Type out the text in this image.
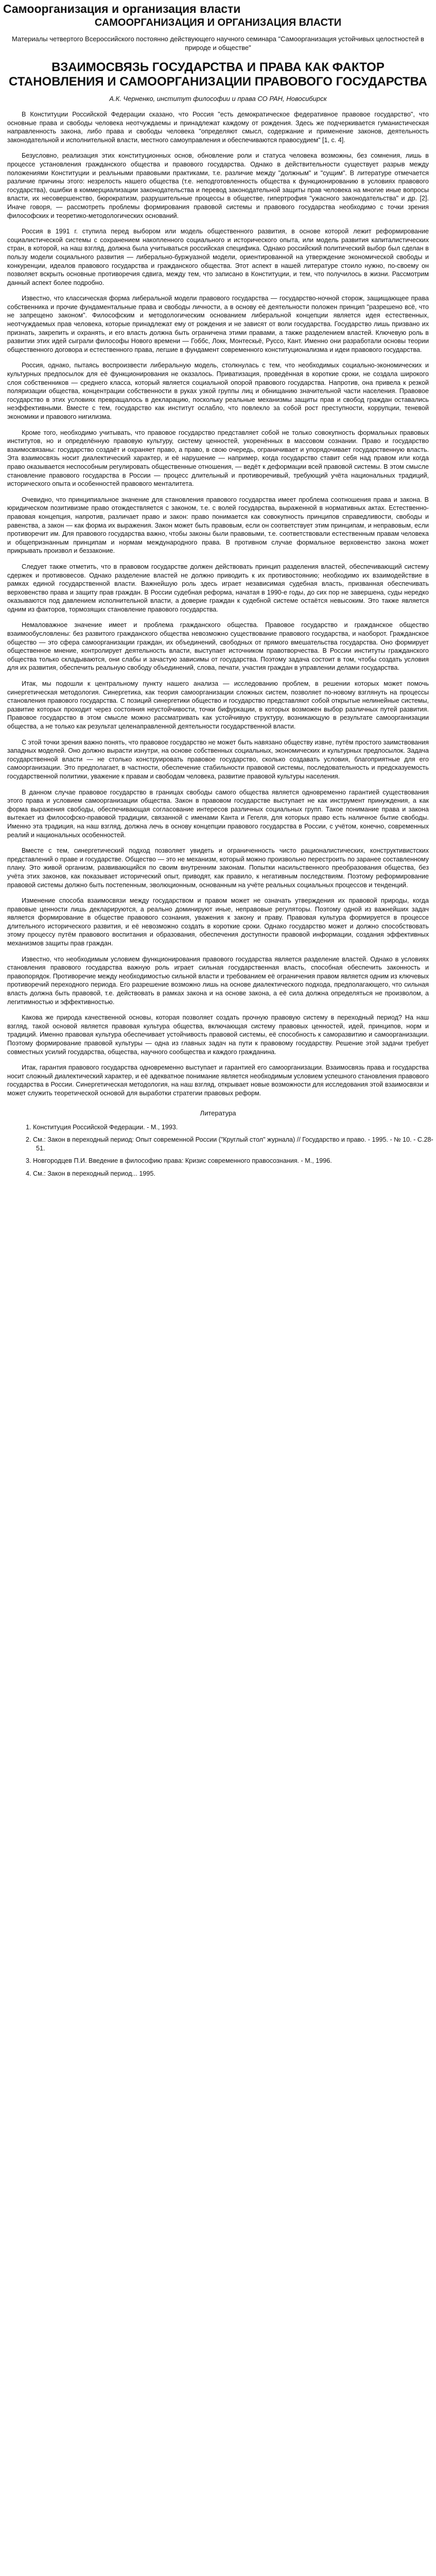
Самоорганизация и организация власти
САМООРГАНИЗАЦИЯ И ОРГАНИЗАЦИЯ ВЛАСТИ
Материалы четвертого Всероссийского постоянно действующего научного семинара "Самоорганизация устойчивых целостностей в природе и обществе"
ВЗАИМОСВЯЗЬ ГОСУДАРСТВА И ПРАВА КАК ФАКТОР СТАНОВЛЕНИЯ И САМООРГАНИЗАЦИИ ПРАВОВОГО ГОСУДАРСТВА
А.К. Черненко, институт философии и права СО РАН, Новосибирск

В Конституции Российской Федерации сказано, что Россия "есть демократическое федеративное правовое государство", что основные права и свободы человека неотчуждаемы и принадлежат каждому от рождения. Здесь же подчеркивается гуманистическая направленность закона, либо права и свободы человека "определяют смысл, содержание и применение законов, деятельность законодательной и исполнительной власти, местного самоуправления и обеспечиваются правосудием" [1, с. 4].

Безусловно, реализация этих конституционных основ, обновление роли и статуса человека возможны, без сомнения, лишь в процессе установления гражданского общества и правового государства. Однако в действительности существует разрыв между положениями Конституции и реальными правовыми практиками, т.е. различие между "должным" и "сущим". В литературе отмечается различие причины этого: незрелость нашего общества (т.е. неподготовленность общества к функционированию в условиях правового государства), ошибки в коммерциализации законодательства и перевод законодательной защиты прав человека на многие иные вопросы власти, их несовершенство, бюрократизм, разрушительные процессы в обществе, гипертрофия "ужасного законодательства" и др. [2]. Иначе говоря, — рассмотреть проблемы формирования правовой системы и правового государства необходимо с точки зрения философских и теоретико-методологических оснований.

Россия в 1991 г. ступила перед выбором или модель общественного развития, в основе которой лежит реформирование социалистической системы с сохранением накопленного социального и исторического опыта, или модель развития капиталистических стран, в которой, на наш взгляд, должна была учитываться российская специфика. Однако российский политический выбор был сделан в пользу модели социального развития — либерально-буржуазной модели, ориентированной на утверждение экономической свободы и конкуренции, идеалов правового государства и гражданского общества. Этот аспект в нашей литературе стоило нужно, по-своему он позволяет вскрыть основные противоречия сдвига, между тем, что записано в Конституции, и тем, что получилось в жизни. Рассмотрим данный аспект более подробно.

Известно, что классическая форма либеральной модели правового государства — государство-ночной сторож, защищающее права собственника и прочие фундаментальные права и свободы личности, а в основу её деятельности положен принцип "разрешено всё, что не запрещено законом". Философским и методологическим основанием либеральной концепции является идея естественных, неотчуждаемых прав человека, которые принадлежат ему от рождения и не зависят от воли государства. Государство лишь призвано их признать, закрепить и охранять, и его власть должна быть ограничена этими правами, а также разделением властей. Ключевую роль в развитии этих идей сыграли философы Нового времени — Гоббс, Локк, Монтескьё, Руссо, Кант. Именно они разработали основы теории общественного договора и естественного права, легшие в фундамент современного конституционализма и идеи правового государства.

Россия, однако, пытаясь воспроизвести либеральную модель, столкнулась с тем, что необходимых социально-экономических и культурных предпосылок для её функционирования не оказалось. Приватизация, проведённая в короткие сроки, не создала широкого слоя собственников — среднего класса, который является социальной опорой правового государства. Напротив, она привела к резкой поляризации общества, концентрации собственности в руках узкой группы лиц и обнищанию значительной части населения. Правовое государство в этих условиях превращалось в декларацию, поскольку реальные механизмы защиты прав и свобод граждан оставались неэффективными. Вместе с тем, государство как институт ослабло, что повлекло за собой рост преступности, коррупции, теневой экономики и правового нигилизма.

Кроме того, необходимо учитывать, что правовое государство представляет собой не только совокупность формальных правовых институтов, но и определённую правовую культуру, систему ценностей, укоренённых в массовом сознании. Право и государство взаимосвязаны: государство создаёт и охраняет право, а право, в свою очередь, ограничивает и упорядочивает государственную власть. Эта взаимосвязь носит диалектический характер, и её нарушение — например, когда государство ставит себя над правом или когда право оказывается неспособным регулировать общественные отношения, — ведёт к деформации всей правовой системы. В этом смысле становление правового государства в России — процесс длительный и противоречивый, требующий учёта национальных традиций, исторического опыта и особенностей правового менталитета.

Очевидно, что принципиальное значение для становления правового государства имеет проблема соотношения права и закона. В юридическом позитивизме право отождествляется с законом, т.е. с волей государства, выраженной в нормативных актах. Естественно-правовая концепция, напротив, различает право и закон: право понимается как совокупность принципов справедливости, свободы и равенства, а закон — как форма их выражения. Закон может быть правовым, если он соответствует этим принципам, и неправовым, если противоречит им. Для правового государства важно, чтобы законы были правовыми, т.е. соответствовали естественным правам человека и общепризнанным принципам и нормам международного права. В противном случае формальное верховенство закона может прикрывать произвол и беззаконие.

Следует также отметить, что в правовом государстве должен действовать принцип разделения властей, обеспечивающий систему сдержек и противовесов. Однако разделение властей не должно приводить к их противостоянию; необходимо их взаимодействие в рамках единой государственной власти. Важнейшую роль здесь играет независимая судебная власть, призванная обеспечивать верховенство права и защиту прав граждан. В России судебная реформа, начатая в 1990-е годы, до сих пор не завершена, суды нередко оказываются под давлением исполнительной власти, а доверие граждан к судебной системе остаётся невысоким. Это также является одним из факторов, тормозящих становление правового государства.

Немаловажное значение имеет и проблема гражданского общества. Правовое государство и гражданское общество взаимообусловлены: без развитого гражданского общества невозможно существование правового государства, и наоборот. Гражданское общество — это сфера самоорганизации граждан, их объединений, свободных от прямого вмешательства государства. Оно формирует общественное мнение, контролирует деятельность власти, выступает источником правотворчества. В России институты гражданского общества только складываются, они слабы и зачастую зависимы от государства. Поэтому задача состоит в том, чтобы создать условия для их развития, обеспечить реальную свободу объединений, слова, печати, участия граждан в управлении делами государства.

Итак, мы подошли к центральному пункту нашего анализа — исследованию проблем, в решении которых может помочь синергетическая методология. Синергетика, как теория самоорганизации сложных систем, позволяет по-новому взглянуть на процессы становления правового государства. С позиций синергетики общество и государство представляют собой открытые нелинейные системы, развитие которых проходит через состояния неустойчивости, точки бифуркации, в которых возможен выбор различных путей развития. Правовое государство в этом смысле можно рассматривать как устойчивую структуру, возникающую в результате самоорганизации общества, а не только как результат целенаправленной деятельности государственной власти.

С этой точки зрения важно понять, что правовое государство не может быть навязано обществу извне, путём простого заимствования западных моделей. Оно должно вырасти изнутри, на основе собственных социальных, экономических и культурных предпосылок. Задача государственной власти — не столько конструировать правовое государство, сколько создавать условия, благоприятные для его самоорганизации. Это предполагает, в частности, обеспечение стабильности правовой системы, последовательность и предсказуемость государственной политики, уважение к правам и свободам человека, развитие правовой культуры населения.

В данном случае правовое государство в границах свободы самого общества является одновременно гарантией существования этого права и условием самоорганизации общества. Закон в правовом государстве выступает не как инструмент принуждения, а как форма выражения свободы, обеспечивающая согласование интересов различных социальных групп. Такое понимание права и закона вытекает из философско-правовой традиции, связанной с именами Канта и Гегеля, для которых право есть наличное бытие свободы. Именно эта традиция, на наш взгляд, должна лечь в основу концепции правового государства в России, с учётом, конечно, современных реалий и национальных особенностей.

Вместе с тем, синергетический подход позволяет увидеть и ограниченность чисто рационалистических, конструктивистских представлений о праве и государстве. Общество — это не механизм, который можно произвольно перестроить по заранее составленному плану. Это живой организм, развивающийся по своим внутренним законам. Попытки насильственного преобразования общества, без учёта этих законов, как показывает исторический опыт, приводят, как правило, к негативным последствиям. Поэтому реформирование правовой системы должно быть постепенным, эволюционным, основанным на учёте реальных социальных процессов и тенденций.

Изменение способа взаимосвязи между государством и правом может не означать утверждения их правовой природы, когда правовые ценности лишь декларируются, а реально доминируют иные, неправовые регуляторы. Поэтому одной из важнейших задач является формирование в обществе правового сознания, уважения к закону и праву. Правовая культура формируется в процессе длительного исторического развития, и её невозможно создать в короткие сроки. Однако государство может и должно способствовать этому процессу путём правового воспитания и образования, обеспечения доступности правовой информации, создания эффективных механизмов защиты прав граждан.

Известно, что необходимым условием функционирования правового государства является разделение властей. Однако в условиях становления правового государства важную роль играет сильная государственная власть, способная обеспечить законность и правопорядок. Противоречие между необходимостью сильной власти и требованием её ограничения правом является одним из ключевых противоречий переходного периода. Его разрешение возможно лишь на основе диалектического подхода, предполагающего, что сильная власть должна быть правовой, т.е. действовать в рамках закона и на основе закона, а её сила должна определяться не произволом, а легитимностью и эффективностью.

Какова же природа качественной основы, которая позволяет создать прочную правовую систему в переходный период? На наш взгляд, такой основой является правовая культура общества, включающая систему правовых ценностей, идей, принципов, норм и традиций. Именно правовая культура обеспечивает устойчивость правовой системы, её способность к саморазвитию и самоорганизации. Поэтому формирование правовой культуры — одна из главных задач на пути к правовому государству. Решение этой задачи требует совместных усилий государства, общества, научного сообщества и каждого гражданина.

Итак, гарантия правового государства одновременно выступает и гарантией его самоорганизации. Взаимосвязь права и государства носит сложный диалектический характер, и её адекватное понимание является необходимым условием успешного становления правового государства в России. Синергетическая методология, на наш взгляд, открывает новые возможности для исследования этой взаимосвязи и может служить теоретической основой для выработки стратегии правовых реформ.

Литература
1. Конституция Российской Федерации. - М., 1993.
2. См.: Закон в переходный период: Опыт современной России ("Круглый стол" журнала) // Государство и право. - 1995. - № 10. - С.28-51.
3. Новгородцев П.И. Введение в философию права: Кризис современного правосознания. - М., 1996.
4. См.: Закон в переходный период... 1995.
